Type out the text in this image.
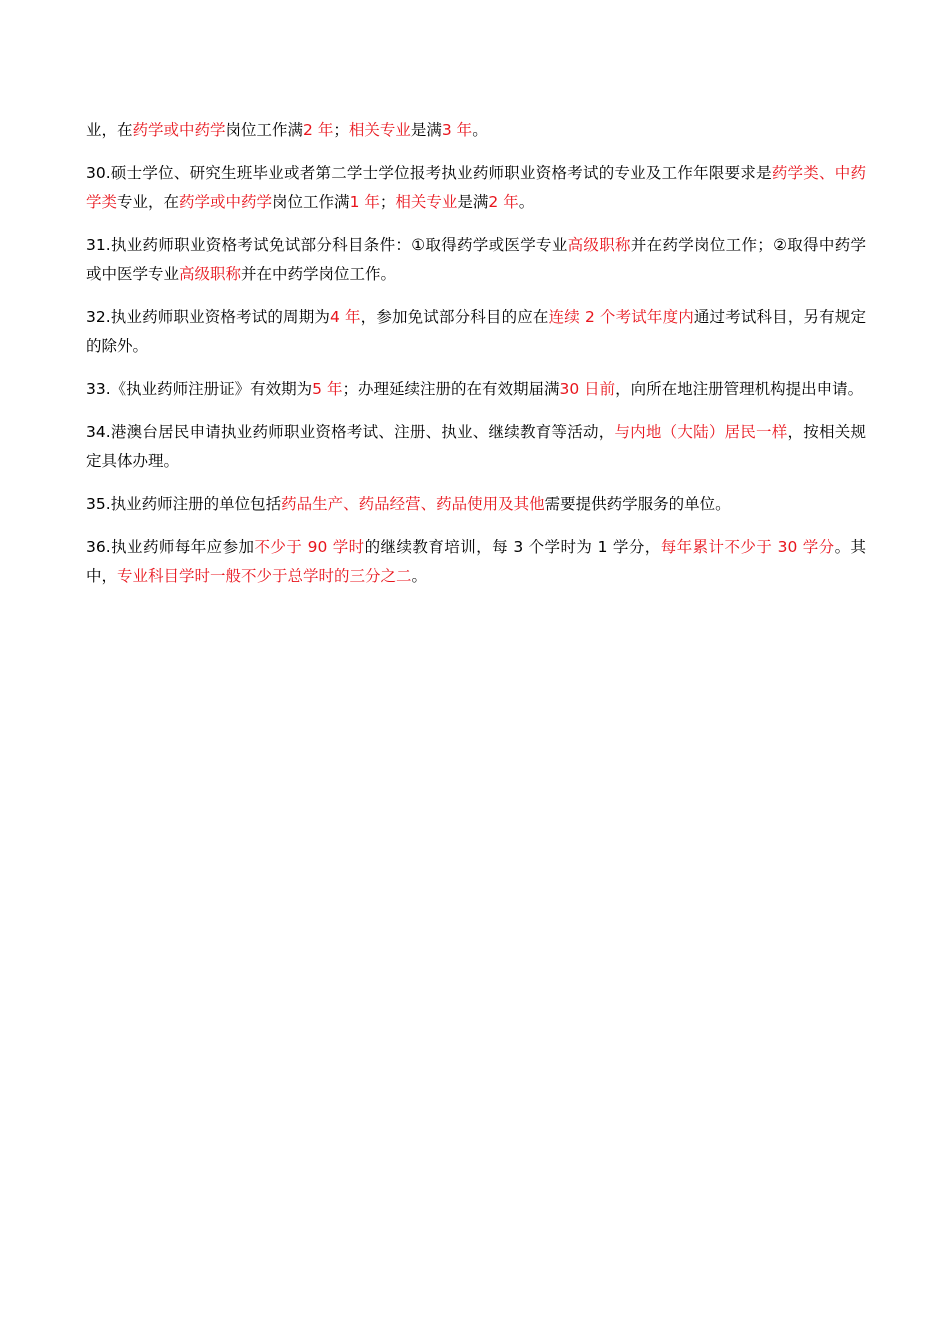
业，在药学或中药学岗位工作满2 年；相关专业是满3 年。

30.硕士学位、研究生班毕业或者第二学士学位报考执业药师职业资格考试的专业及工作年限要求是药学类、中药学类专业，在药学或中药学岗位工作满1 年；相关专业是满2 年。

31.执业药师职业资格考试免试部分科目条件：①取得药学或医学专业高级职称并在药学岗位工作；②取得中药学或中医学专业高级职称并在中药学岗位工作。

32.执业药师职业资格考试的周期为4 年，参加免试部分科目的应在连续 2 个考试年度内通过考试科目，另有规定的除外。

33.《执业药师注册证》有效期为5 年；办理延续注册的在有效期届满30 日前，向所在地注册管理机构提出申请。

34.港澳台居民申请执业药师职业资格考试、注册、执业、继续教育等活动，与内地（大陆）居民一样，按相关规定具体办理。

35.执业药师注册的单位包括药品生产、药品经营、药品使用及其他需要提供药学服务的单位。

36.执业药师每年应参加不少于 90 学时的继续教育培训，每 3 个学时为 1 学分，每年累计不少于 30 学分。其中，专业科目学时一般不少于总学时的三分之二。
